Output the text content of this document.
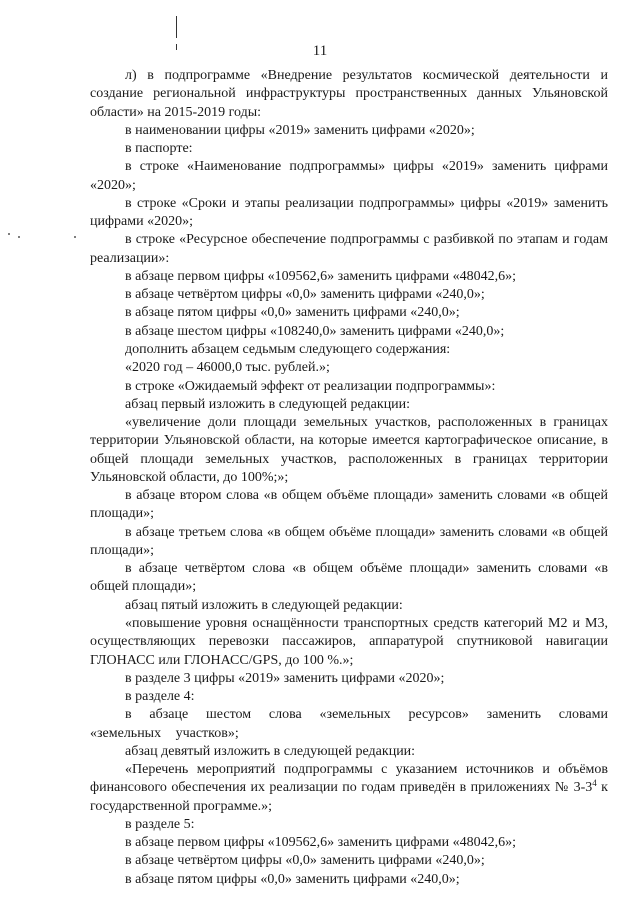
11

л) в подпрограмме «Внедрение результатов космической деятельности и создание региональной инфраструктуры пространственных данных Ульяновской области» на 2015-2019 годы:

в наименовании цифры «2019» заменить цифрами «2020»;

в паспорте:

в строке «Наименование подпрограммы» цифры «2019» заменить цифрами «2020»;

в строке «Сроки и этапы реализации подпрограммы» цифры «2019» заменить цифрами «2020»;

в строке «Ресурсное обеспечение подпрограммы с разбивкой по этапам и годам реализации»:

в абзаце первом цифры «109562,6» заменить цифрами «48042,6»;

в абзаце четвёртом цифры «0,0» заменить цифрами «240,0»;

в абзаце пятом цифры «0,0» заменить цифрами «240,0»;

в абзаце шестом цифры «108240,0» заменить цифрами «240,0»;

дополнить абзацем седьмым следующего содержания:

«2020 год – 46000,0 тыс. рублей.»;

в строке «Ожидаемый эффект от реализации подпрограммы»:

абзац первый изложить в следующей редакции:

«увеличение доли площади земельных участков, расположенных в границах территории Ульяновской области, на которые имеется картографическое описание, в общей площади земельных участков, расположенных в границах территории Ульяновской области, до 100%;»;

в абзаце втором слова «в общем объёме площади» заменить словами «в общей площади»;

в абзаце третьем слова «в общем объёме площади» заменить словами «в общей площади»;

в абзаце четвёртом слова «в общем объёме площади» заменить словами «в общей площади»;

абзац пятый изложить в следующей редакции:

«повышение уровня оснащённости транспортных средств категорий М2 и М3, осуществляющих перевозки пассажиров, аппаратурой спутниковой навигации ГЛОНАСС или ГЛОНАСС/GPS, до 100 %.»;

в разделе 3 цифры «2019» заменить цифрами «2020»;

в разделе 4:

в абзаце шестом слова «земельных ресурсов» заменить словами «земельных участков»;

абзац девятый изложить в следующей редакции:

«Перечень мероприятий подпрограммы с указанием источников и объёмов финансового обеспечения их реализации по годам приведён в приложениях № $3-3^4$ к государственной программе.»;

в разделе 5:

в абзаце первом цифры «109562,6» заменить цифрами «48042,6»;

в абзаце четвёртом цифры «0,0» заменить цифрами «240,0»;

в абзаце пятом цифры «0,0» заменить цифрами «240,0»;
